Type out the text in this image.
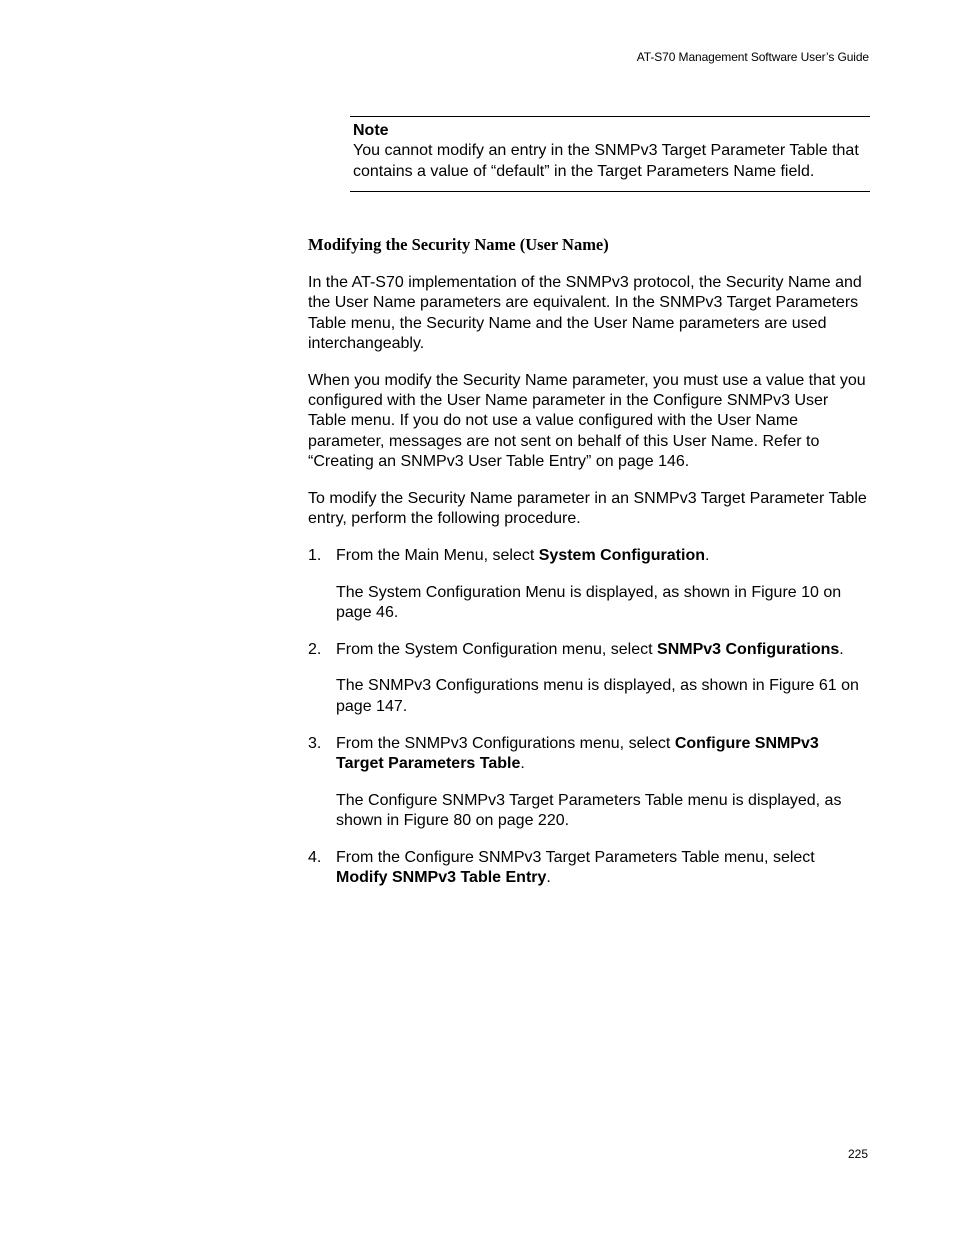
AT-S70 Management Software User’s Guide
Note
You cannot modify an entry in the SNMPv3 Target Parameter Table that contains a value of “default” in the Target Parameters Name field.
Modifying the Security Name (User Name)

In the AT-S70 implementation of the SNMPv3 protocol, the Security Name and the User Name parameters are equivalent. In the SNMPv3 Target Parameters Table menu, the Security Name and the User Name parameters are used interchangeably.

When you modify the Security Name parameter, you must use a value that you configured with the User Name parameter in the Configure SNMPv3 User Table menu. If you do not use a value configured with the User Name parameter, messages are not sent on behalf of this User Name. Refer to “Creating an SNMPv3 User Table Entry” on page 146.

To modify the Security Name parameter in an SNMPv3 Target Parameter Table entry, perform the following procedure.

1. From the Main Menu, select System Configuration.

The System Configuration Menu is displayed, as shown in Figure 10 on page 46.

2. From the System Configuration menu, select SNMPv3 Configurations.

The SNMPv3 Configurations menu is displayed, as shown in Figure 61 on page 147.

3. From the SNMPv3 Configurations menu, select Configure SNMPv3 Target Parameters Table.

The Configure SNMPv3 Target Parameters Table menu is displayed, as shown in Figure 80 on page 220.

4. From the Configure SNMPv3 Target Parameters Table menu, select Modify SNMPv3 Table Entry.

225
